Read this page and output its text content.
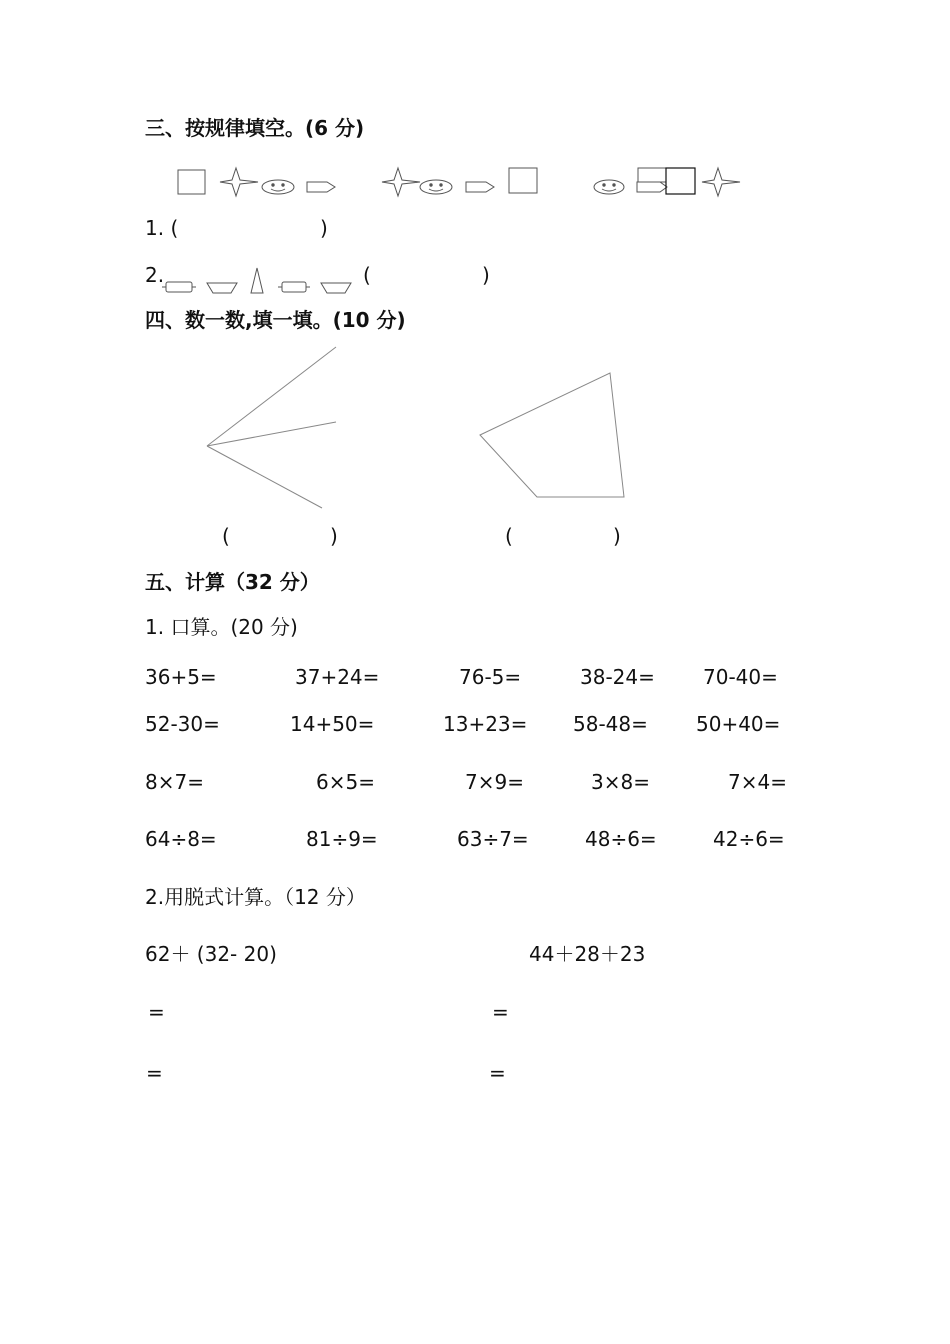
三、按规律填空。(6 分)
1. (	)
2.	(	)
四、数一数,填一填。(10 分)
(	)	(	)
五、计算（32 分）
1. 口算。(20 分)
36+5=	37+24=	76-5=	38-24= 70-40=
52-30=	14+50=	13+23= 58-48= 50+40=
8×7=	6×5=	7×9=	3×8=	7×4=
64÷8=	81÷9=	63÷7=	48÷6=	42÷6=
2.用脱式计算。（12 分）
62＋ (32- 20)	44＋28＋23
=	=
=	=
